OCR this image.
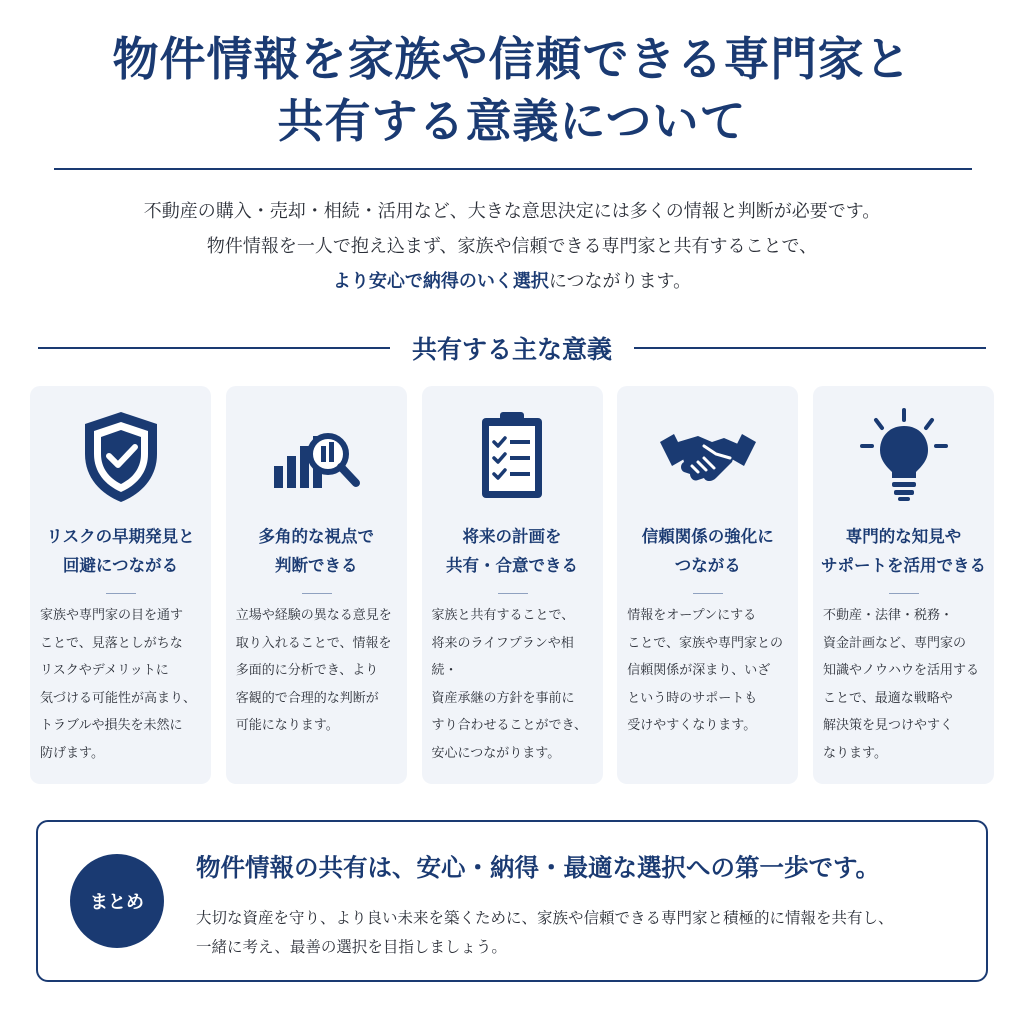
物件情報を家族や信頼できる専門家と
共有する意義について
不動産の購入・売却・相続・活用など、大きな意思決定には多くの情報と判断が必要です。
物件情報を一人で抱え込まず、家族や信頼できる専門家と共有することで、
より安心で納得のいく選択につながります。
共有する主な意義
リスクの早期発見と
回避につながる
家族や専門家の目を通す
ことで、見落としがちな
リスクやデメリットに
気づける可能性が高まり、
トラブルや損失を未然に
防げます。
多角的な視点で
判断できる
立場や経験の異なる意見を
取り入れることで、情報を
多面的に分析でき、より
客観的で合理的な判断が
可能になります。
将来の計画を
共有・合意できる
家族と共有することで、
将来のライフプランや相続・
資産承継の方針を事前に
すり合わせることができ、
安心につながります。
信頼関係の強化に
つながる
情報をオープンにする
ことで、家族や専門家との
信頼関係が深まり、いざ
という時のサポートも
受けやすくなります。
専門的な知見や
サポートを活用できる
不動産・法律・税務・
資金計画など、専門家の
知識やノウハウを活用する
ことで、最適な戦略や
解決策を見つけやすく
なります。
まとめ
物件情報の共有は、安心・納得・最適な選択への第一歩です。
大切な資産を守り、より良い未来を築くために、家族や信頼できる専門家と積極的に情報を共有し、
一緒に考え、最善の選択を目指しましょう。
